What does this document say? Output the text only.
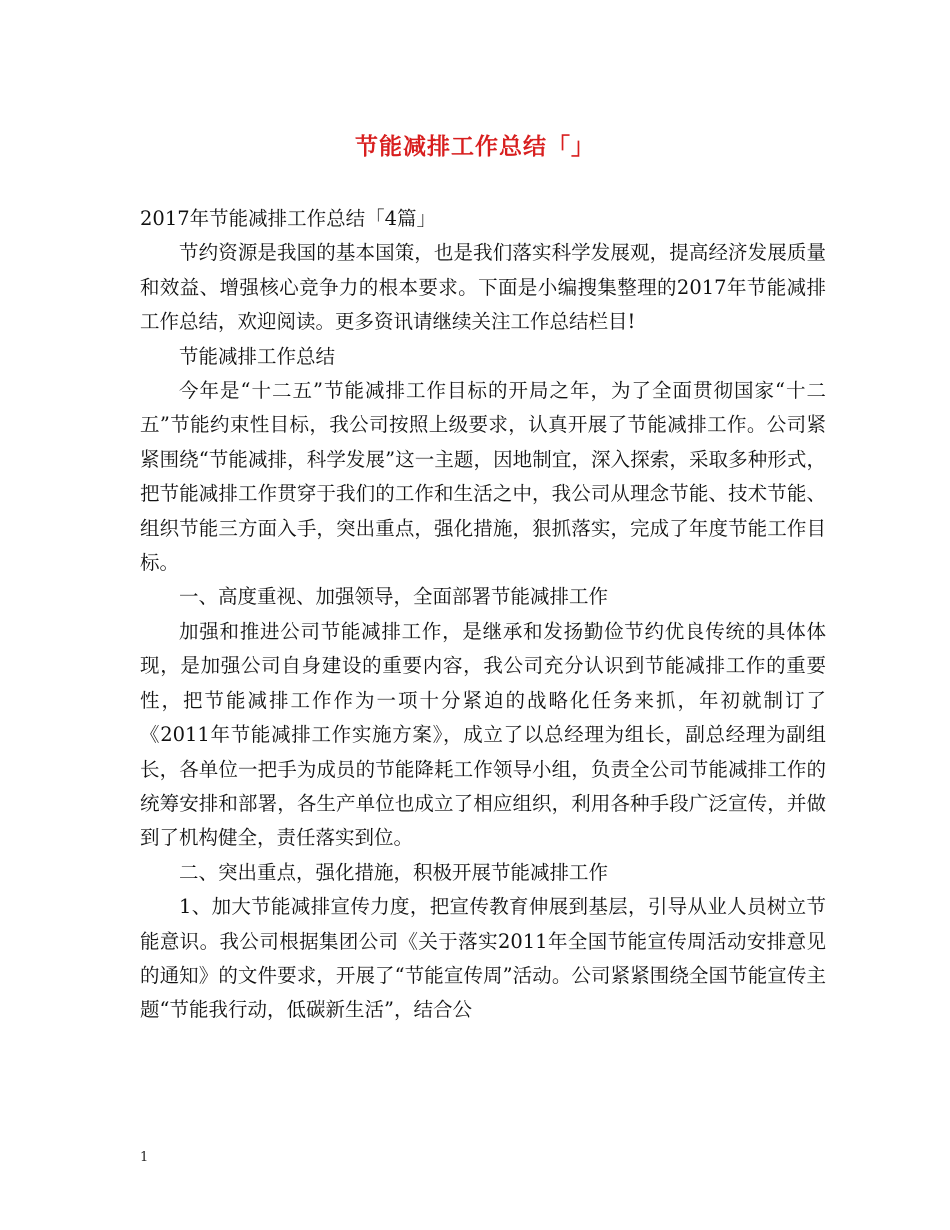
节能减排工作总结「」

2017年节能减排工作总结「4篇」

节约资源是我国的基本国策，也是我们落实科学发展观，提高经济发展质量和效益、增强核心竞争力的根本要求。下面是小编搜集整理的2017年节能减排工作总结，欢迎阅读。更多资讯请继续关注工作总结栏目!

节能减排工作总结

今年是“十二五”节能减排工作目标的开局之年，为了全面贯彻国家“十二五”节能约束性目标，我公司按照上级要求，认真开展了节能减排工作。公司紧紧围绕“节能减排，科学发展”这一主题，因地制宜，深入探索，采取多种形式，把节能减排工作贯穿于我们的工作和生活之中，我公司从理念节能、技术节能、组织节能三方面入手，突出重点，强化措施，狠抓落实，完成了年度节能工作目标。

一、高度重视、加强领导，全面部署节能减排工作

加强和推进公司节能减排工作，是继承和发扬勤俭节约优良传统的具体体现，是加强公司自身建设的重要内容，我公司充分认识到节能减排工作的重要性，把节能减排工作作为一项十分紧迫的战略化任务来抓，年初就制订了《2011年节能减排工作实施方案》，成立了以总经理为组长，副总经理为副组长，各单位一把手为成员的节能降耗工作领导小组，负责全公司节能减排工作的统筹安排和部署，各生产单位也成立了相应组织，利用各种手段广泛宣传，并做到了机构健全，责任落实到位。

二、突出重点，强化措施，积极开展节能减排工作

1、加大节能减排宣传力度，把宣传教育伸展到基层，引导从业人员树立节能意识。我公司根据集团公司《关于落实2011年全国节能宣传周活动安排意见的通知》的文件要求，开展了“节能宣传周”活动。公司紧紧围绕全国节能宣传主题“节能我行动，低碳新生活”，结合公

1
